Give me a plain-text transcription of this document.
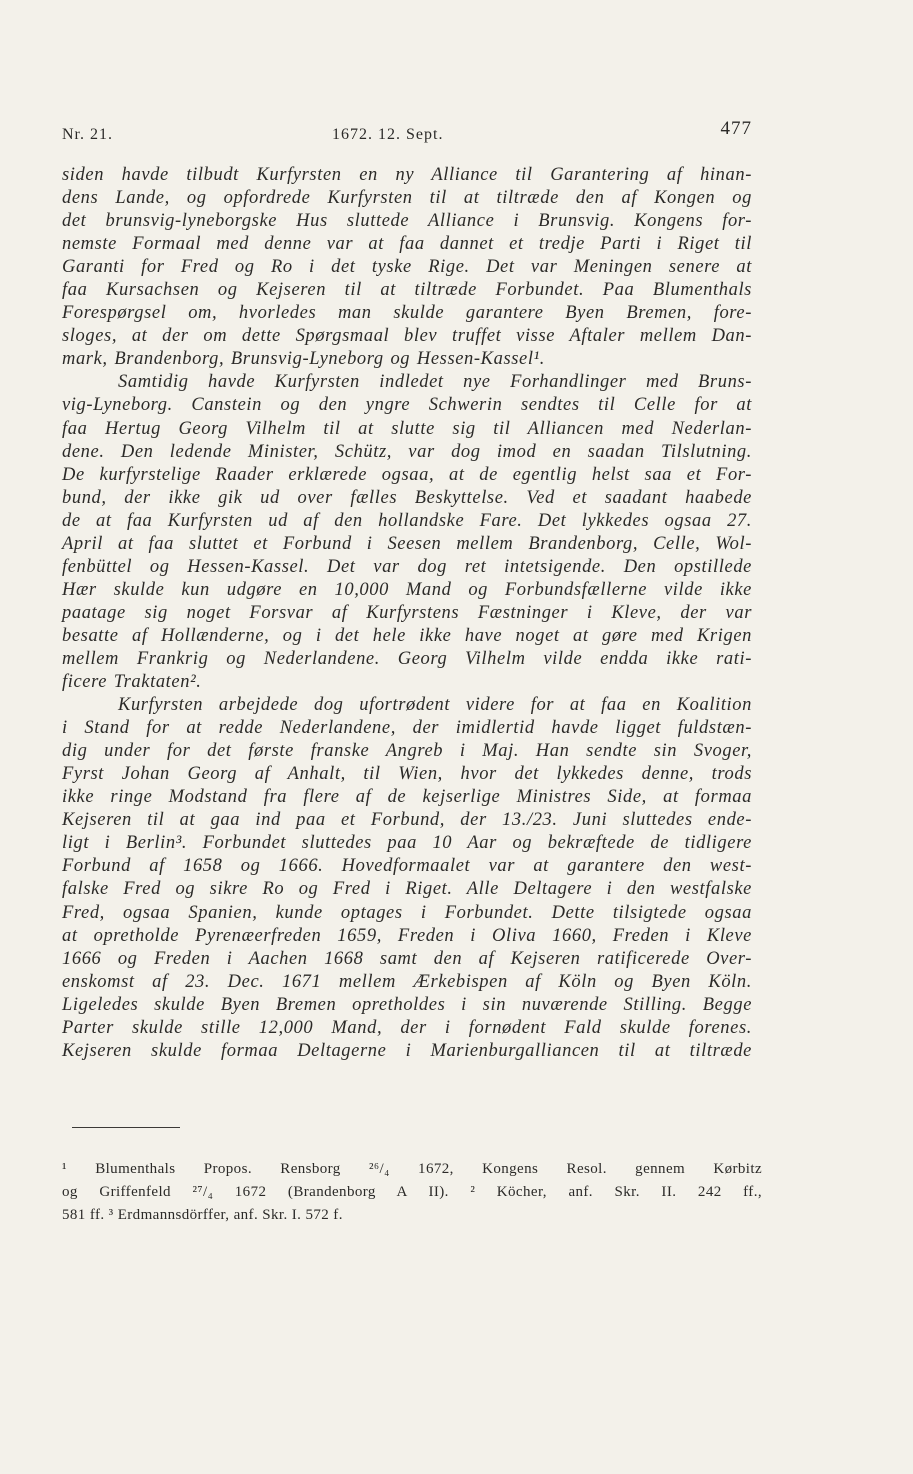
Nr. 21.	1672. 12. Sept.	477
siden havde tilbudt Kurfyrsten en ny Alliance til Garantering af hinan-
dens Lande, og opfordrede Kurfyrsten til at tiltræde den af Kongen og
det brunsvig-lyneborgske Hus sluttede Alliance i Brunsvig. Kongens for-
nemste Formaal med denne var at faa dannet et tredje Parti i Riget til
Garanti for Fred og Ro i det tyske Rige. Det var Meningen senere at
faa Kursachsen og Kejseren til at tiltræde Forbundet. Paa Blumenthals
Forespørgsel om, hvorledes man skulde garantere Byen Bremen, fore-
sloges, at der om dette Spørgsmaal blev truffet visse Aftaler mellem Dan-
mark, Brandenborg, Brunsvig-Lyneborg og Hessen-Kassel¹.
Samtidig havde Kurfyrsten indledet nye Forhandlinger med Bruns-
vig-Lyneborg. Canstein og den yngre Schwerin sendtes til Celle for at
faa Hertug Georg Vilhelm til at slutte sig til Alliancen med Nederlan-
dene. Den ledende Minister, Schütz, var dog imod en saadan Tilslutning.
De kurfyrstelige Raader erklærede ogsaa, at de egentlig helst saa et For-
bund, der ikke gik ud over fælles Beskyttelse. Ved et saadant haabede
de at faa Kurfyrsten ud af den hollandske Fare. Det lykkedes ogsaa 27.
April at faa sluttet et Forbund i Seesen mellem Brandenborg, Celle, Wol-
fenbüttel og Hessen-Kassel. Det var dog ret intetsigende. Den opstillede
Hær skulde kun udgøre en 10,000 Mand og Forbundsfællerne vilde ikke
paatage sig noget Forsvar af Kurfyrstens Fæstninger i Kleve, der var
besatte af Hollænderne, og i det hele ikke have noget at gøre med Krigen
mellem Frankrig og Nederlandene. Georg Vilhelm vilde endda ikke rati-
ficere Traktaten².
Kurfyrsten arbejdede dog ufortrødent videre for at faa en Koalition
i Stand for at redde Nederlandene, der imidlertid havde ligget fuldstæn-
dig under for det første franske Angreb i Maj. Han sendte sin Svoger,
Fyrst Johan Georg af Anhalt, til Wien, hvor det lykkedes denne, trods
ikke ringe Modstand fra flere af de kejserlige Ministres Side, at formaa
Kejseren til at gaa ind paa et Forbund, der 13./23. Juni sluttedes ende-
ligt i Berlin³. Forbundet sluttedes paa 10 Aar og bekræftede de tidligere
Forbund af 1658 og 1666. Hovedformaalet var at garantere den west-
falske Fred og sikre Ro og Fred i Riget. Alle Deltagere i den westfalske
Fred, ogsaa Spanien, kunde optages i Forbundet. Dette tilsigtede ogsaa
at opretholde Pyrenæerfreden 1659, Freden i Oliva 1660, Freden i Kleve
1666 og Freden i Aachen 1668 samt den af Kejseren ratificerede Over-
enskomst af 23. Dec. 1671 mellem Ærkebispen af Köln og Byen Köln.
Ligeledes skulde Byen Bremen opretholdes i sin nuværende Stilling. Begge
Parter skulde stille 12,000 Mand, der i fornødent Fald skulde forenes.
Kejseren skulde formaa Deltagerne i Marienburgalliancen til at tiltræde
¹ Blumenthals Propos. Rensborg ²⁶/₄ 1672, Kongens Resol. gennem Kørbitz
og Griffenfeld ²⁷/₄ 1672 (Brandenborg A II). ² Köcher, anf. Skr. II. 242 ff.,
581 ff. ³ Erdmannsdörffer, anf. Skr. I. 572 f.
